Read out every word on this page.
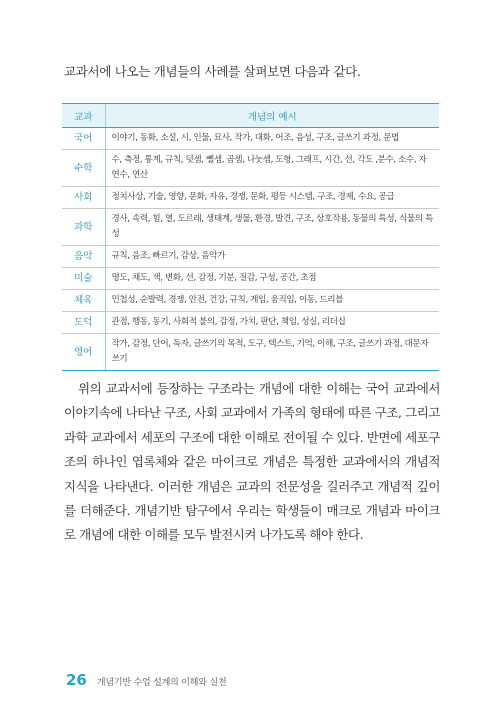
교과서에 나오는 개념들의 사례를 살펴보면 다음과 같다.
교과	개념의 예시
국어	이야기, 동화, 소설, 시, 인물, 묘사, 작가, 대화, 어조, 음성, 구조, 글쓰기 과정, 문법
수학	수, 측정, 통계, 규칙, 덧셈, 뺄셈, 곱셈, 나눗셈, 도형, 그래프, 시간, 선, 각도 ,분수, 소수, 자연수, 연산
사회	정치사상, 기술, 영향, 문화, 자유, 경쟁, 문화, 평등 시스템, 구조, 경제, 수요, 공급
과학	경사, 속력, 힘, 열, 도르래, 생태계, 생물, 환경, 발견, 구조, 상호작용, 동물의 특성, 식물의 특성
음악	규칙, 음조, 빠르기, 감상, 음악가
미술	명도, 채도, 색, 변화, 선, 감정, 기분, 질감, 구성, 공간, 초점
체육	민첩성, 순발력, 경쟁, 안전, 건강, 규칙, 게임, 움직임, 이동, 드리블
도덕	관점, 행동, 동기, 사회적 불의, 감정, 가치, 판단, 책임, 성실, 리더십
영어	작가, 감정, 단어, 독자, 글쓰기의 목적, 도구, 텍스트, 기억, 이해, 구조, 글쓰기 과정, 대문자 쓰기

위의 교과서에 등장하는 구조라는 개념에 대한 이해는 국어 교과에서 이야기속에 나타난 구조, 사회 교과에서 가족의 형태에 따른 구조, 그리고 과학 교과에서 세포의 구조에 대한 이해로 전이될 수 있다. 반면에 세포구조의 하나인 엽록체와 같은 마이크로 개념은 특정한 교과에서의 개념적 지식을 나타낸다. 이러한 개념은 교과의 전문성을 길러주고 개념적 깊이를 더해준다. 개념기반 탐구에서 우리는 학생들이 매크로 개념과 마이크로 개념에 대한 이해를 모두 발전시켜 나가도록 해야 한다.

26 개념기반 수업 설계의 이해와 실천
